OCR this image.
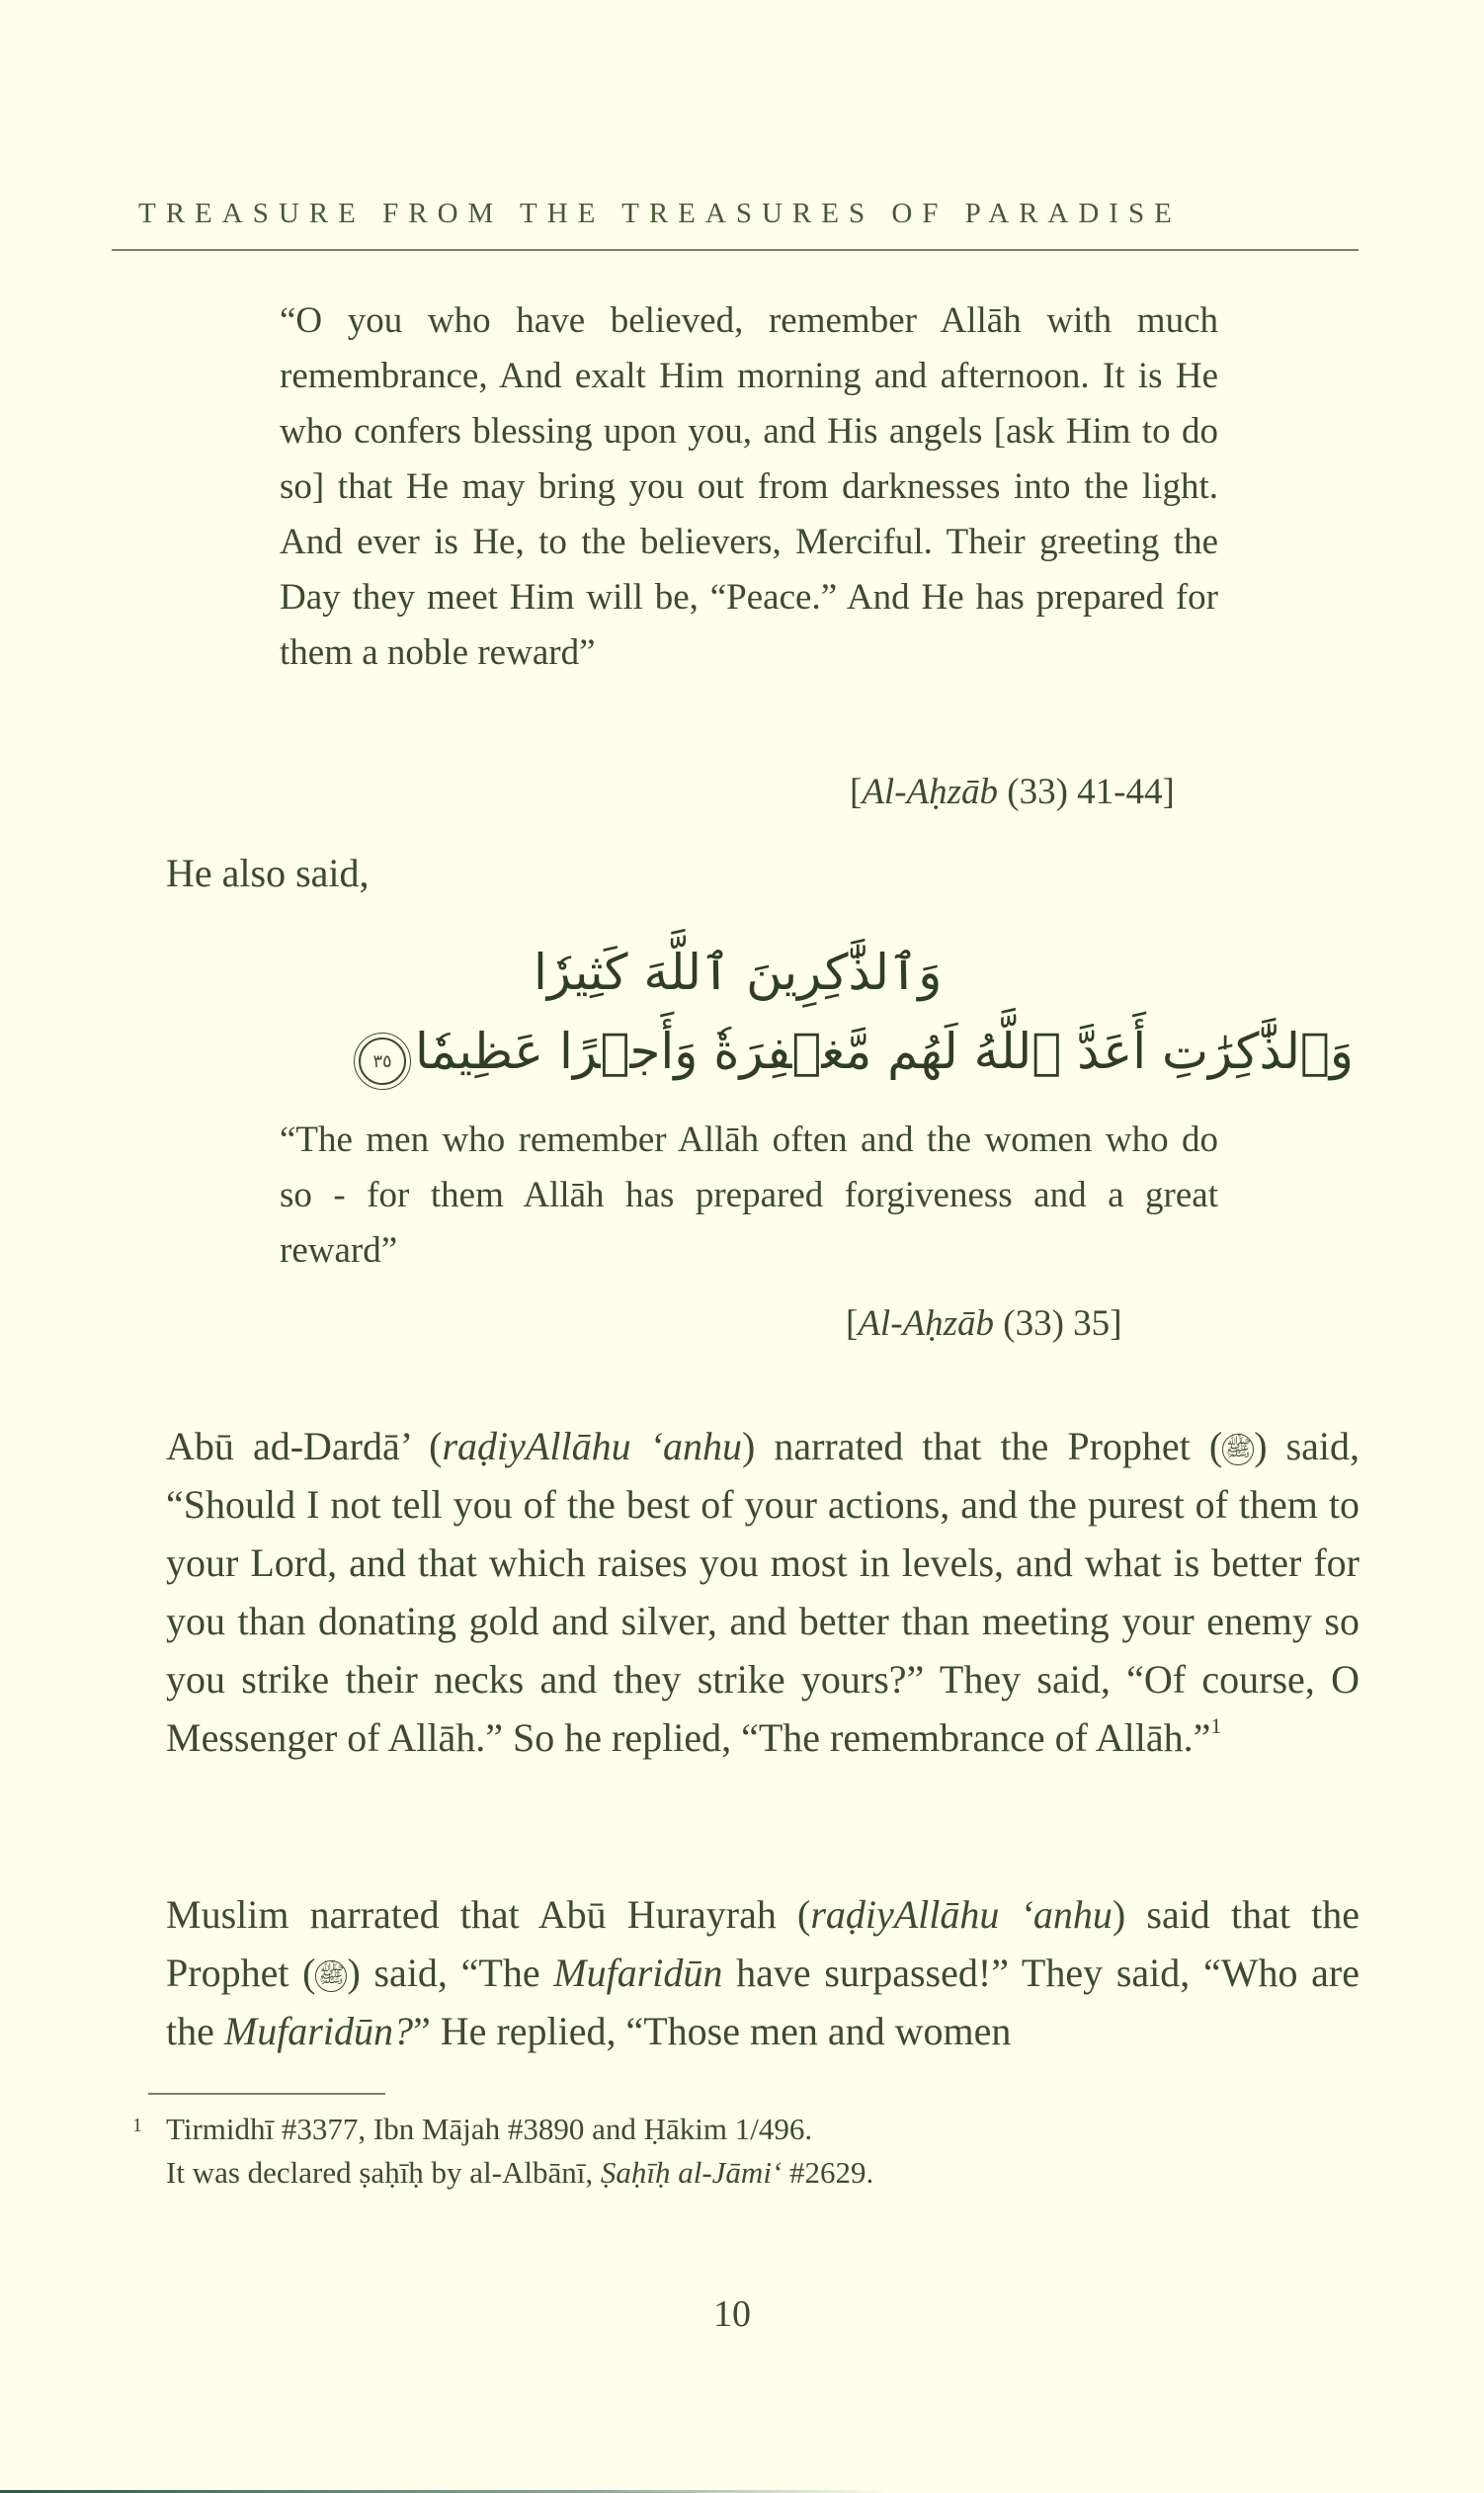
TREASURE FROM THE TREASURES OF PARADISE
“O you who have believed, remember Allāh with much remembrance, And exalt Him morning and afternoon. It is He who confers blessing upon you, and His angels [ask Him to do so] that He may bring you out from darknesses into the light. And ever is He, to the believers, Merciful. Their greeting the Day they meet Him will be, “Peace.” And He has prepared for them a noble reward”
[Al-Aḥzāb (33) 41-44]
He also said,
وَٱلذَّٰكِرِينَ ٱللَّهَ كَثِيرٗا
وَٱلذَّٰكِرَٰتِ أَعَدَّ ٱللَّهُ لَهُم مَّغۡفِرَةٗ وَأَجۡرًا عَظِيمٗا
٣٥
“The men who remember Allāh often and the women who do so - for them Allāh has prepared forgiveness and a great reward”
[Al-Aḥzāb (33) 35]
Abū ad-Dardā’ (raḍiyAllāhu ‘anhu) narrated that the Prophet ( ﷺ) said, “Should I not tell you of the best of your actions, and the purest of them to your Lord, and that which raises you most in levels, and what is better for you than donating gold and silver, and better than meeting your enemy so you strike their necks and they strike yours?” They said, “Of course, O Messenger of Allāh.” So he replied, “The remembrance of Allāh.”$^1$
Muslim narrated that Abū Hurayrah (raḍiyAllāhu ‘anhu) said that the Prophet ( ﷺ) said, “The Mufaridūn have surpassed!” They said, “Who are the Mufaridūn?” He replied, “Those men and women
1 Tirmidhī #3377, Ibn Mājah #3890 and Ḥākim 1/496.
It was declared ṣaḥīḥ by al-Albānī, Ṣaḥīḥ al-Jāmi‘ #2629.
10
